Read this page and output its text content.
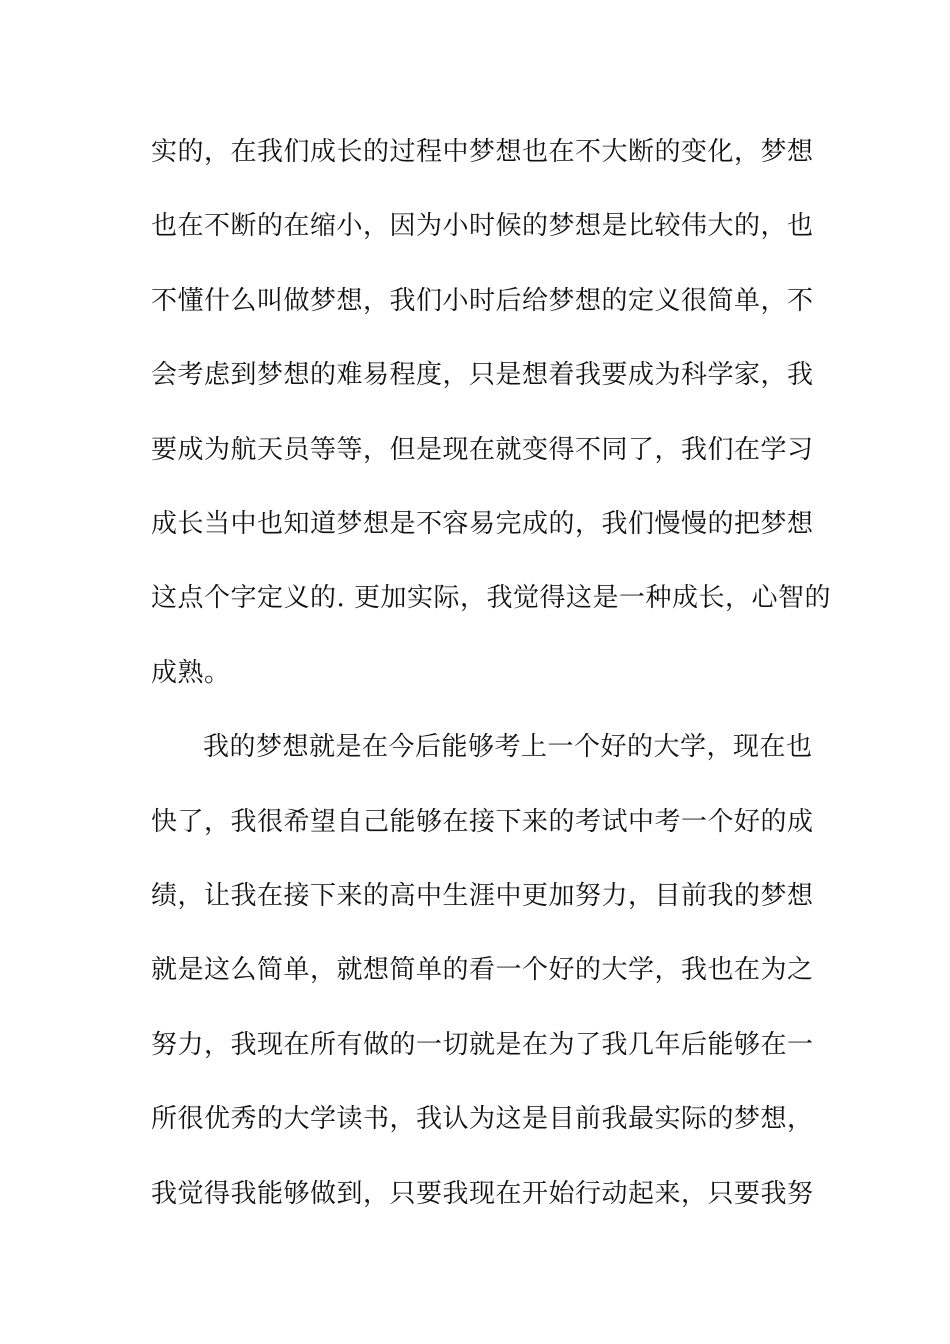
实的，在我们成长的过程中梦想也在不大断的变化，梦想
也在不断的在缩小，因为小时候的梦想是比较伟大的，也
不懂什么叫做梦想，我们小时后给梦想的定义很简单，不
会考虑到梦想的难易程度，只是想着我要成为科学家，我
要成为航天员等等，但是现在就变得不同了，我们在学习
成长当中也知道梦想是不容易完成的，我们慢慢的把梦想
这点个字定义的. 更加实际，我觉得这是一种成长，心智的
成熟。
我的梦想就是在今后能够考上一个好的大学，现在也
快了，我很希望自己能够在接下来的考试中考一个好的成
绩，让我在接下来的高中生涯中更加努力，目前我的梦想
就是这么简单，就想简单的看一个好的大学，我也在为之
努力，我现在所有做的一切就是在为了我几年后能够在一
所很优秀的大学读书，我认为这是目前我最实际的梦想，
我觉得我能够做到，只要我现在开始行动起来，只要我努
